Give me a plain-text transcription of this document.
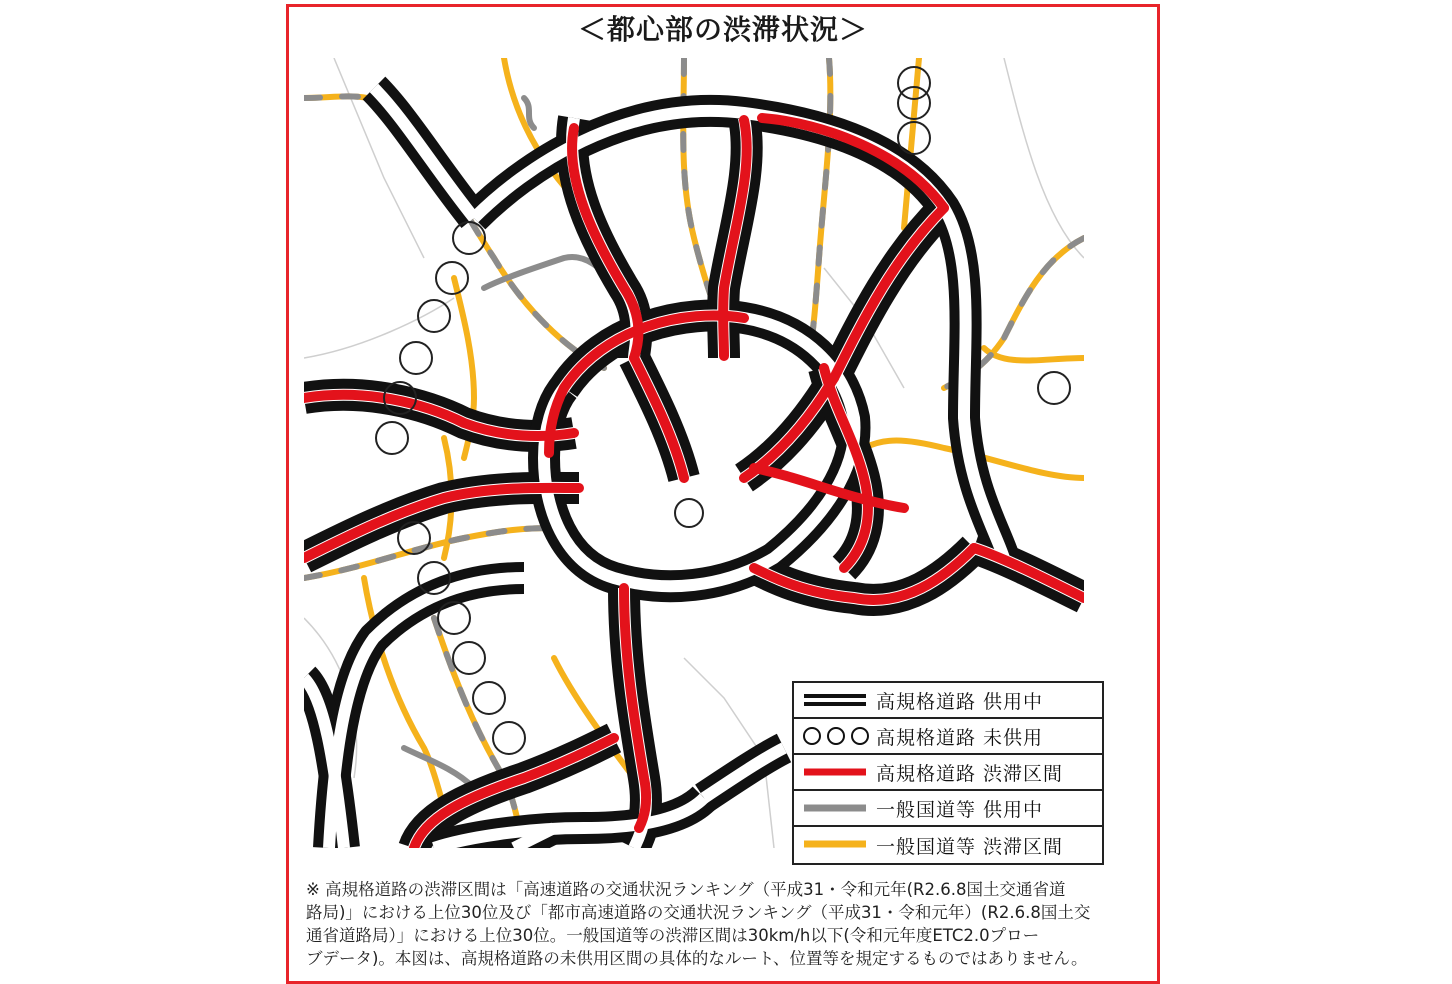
＜都心部の渋滞状況＞
高規格道路 供用中
高規格道路 未供用
高規格道路 渋滞区間
一般国道等 供用中
一般国道等 渋滞区間
※ 高規格道路の渋滞区間は「高速道路の交通状況ランキング（平成31・令和元年(R2.6.8国土交通省道
路局)」における上位30位及び「都市高速道路の交通状況ランキング（平成31・令和元年）(R2.6.8国土交
通省道路局）」における上位30位。一般国道等の渋滞区間は30km/h以下(令和元年度ETC2.0プロー
ブデータ)。本図は、高規格道路の未供用区間の具体的なルート、位置等を規定するものではありません。
